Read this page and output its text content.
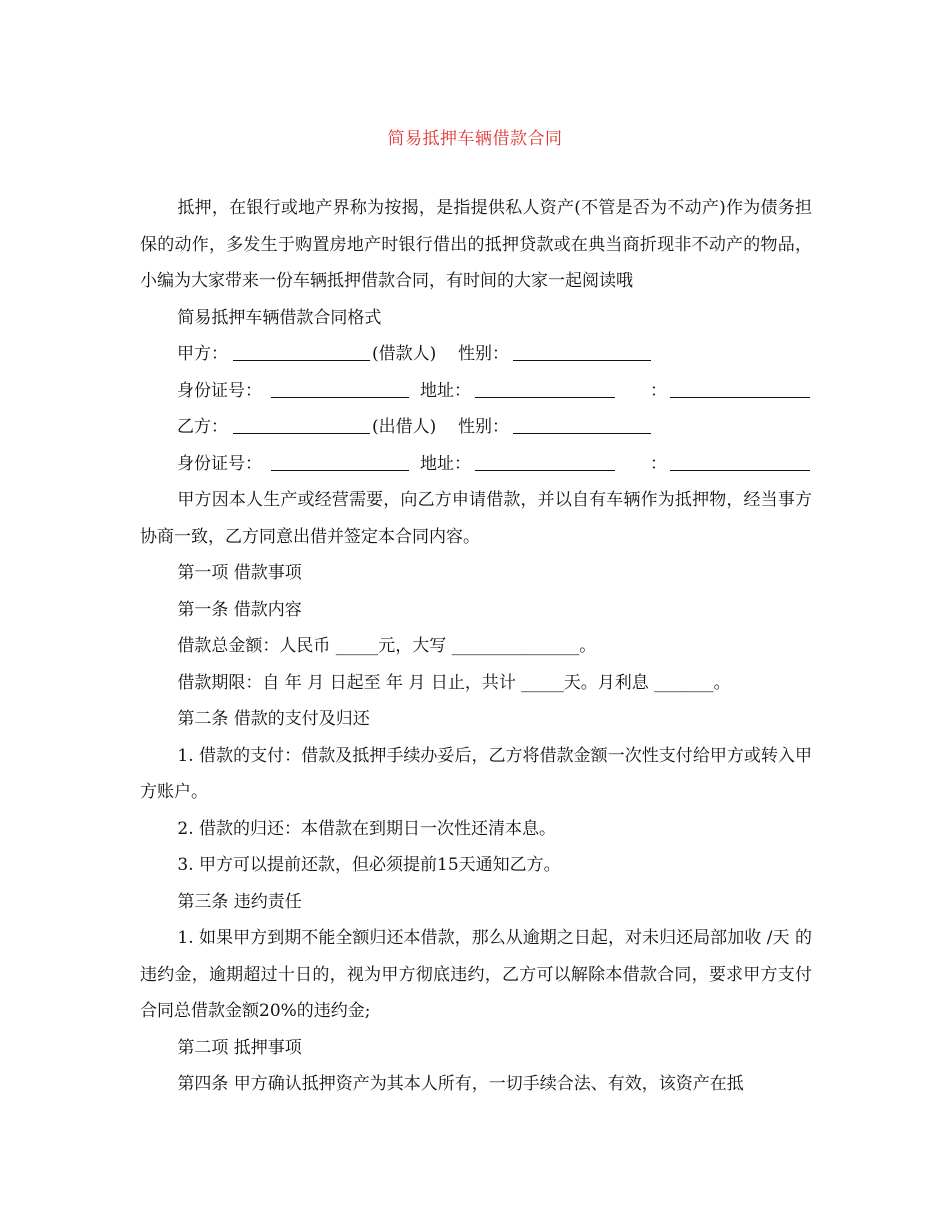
简易抵押车辆借款合同

抵押，在银行或地产界称为按揭，是指提供私人资产(不管是否为不动产)作为债务担保的动作，多发生于购置房地产时银行借出的抵押贷款或在典当商折现非不动产的物品，小编为大家带来一份车辆抵押借款合同，有时间的大家一起阅读哦

简易抵押车辆借款合同格式

甲方：	(借款人) 性别：
身份证号：	地址：	：
乙方：	(出借人) 性别：
身份证号：	地址：	：

甲方因本人生产或经营需要，向乙方申请借款，并以自有车辆作为抵押物，经当事方协商一致，乙方同意出借并签定本合同内容。

第一项 借款事项

第一条 借款内容

借款总金额：人民币 _____元，大写 _______________。

借款期限：自 年 月 日起至 年 月 日止，共计 _____天。月利息 _______。

第二条 借款的支付及归还

1. 借款的支付：借款及抵押手续办妥后，乙方将借款金额一次性支付给甲方或转入甲方账户。

2. 借款的归还：本借款在到期日一次性还清本息。

3. 甲方可以提前还款，但必须提前15天通知乙方。

第三条 违约责任

1. 如果甲方到期不能全额归还本借款，那么从逾期之日起，对未归还局部加收 /天 的违约金，逾期超过十日的，视为甲方彻底违约，乙方可以解除本借款合同，要求甲方支付合同总借款金额20%的违约金;

第二项 抵押事项

第四条 甲方确认抵押资产为其本人所有，一切手续合法、有效，该资产在抵
